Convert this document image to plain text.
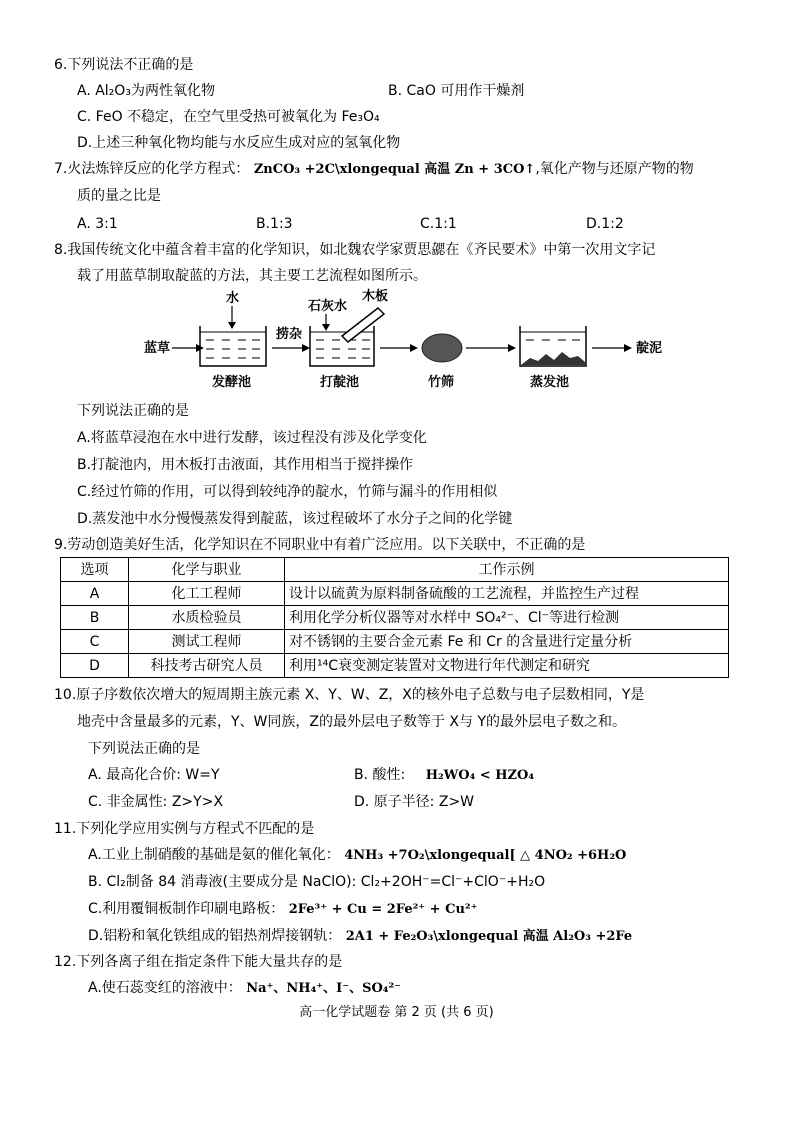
6.下列说法不正确的是
A. Al₂O₃为两性氧化物	B. CaO 可用作干燥剂
C. FeO 不稳定，在空气里受热可被氧化为 Fe₃O₄
D.上述三种氧化物均能与水反应生成对应的氢氧化物
7.火法炼锌反应的化学方程式： ZnCO₃ +2C\xlongequal 高温 Zn + 3CO↑,氧化产物与还原产物的物
质的量之比是
A. 3:1	B.1:3	C.1:1	D.1:2
8.我国传统文化中蕴含着丰富的化学知识，如北魏农学家贾思勰在《齐民要术》中第一次用文字记
载了用蓝草制取靛蓝的方法，其主要工艺流程如图所示。
蓝草
水
发酵池
捞杂
石灰水
木板
打靛池	竹筛	蒸发池
靛泥
下列说法正确的是
A.将蓝草浸泡在水中进行发酵，该过程没有涉及化学变化
B.打靛池内，用木板打击液面，其作用相当于搅拌操作
C.经过竹筛的作用，可以得到较纯净的靛水，竹筛与漏斗的作用相似
D.蒸发池中水分慢慢蒸发得到靛蓝，该过程破坏了水分子之间的化学键
9.劳动创造美好生活，化学知识在不同职业中有着广泛应用。以下关联中，不正确的是
选项	化学与职业	工作示例
A	化工工程师	设计以硫黄为原料制备硫酸的工艺流程，并监控生产过程
B	水质检验员	利用化学分析仪器等对水样中 SO₄²⁻、Cl⁻等进行检测
C	测试工程师	对不锈钢的主要合金元素 Fe 和 Cr 的含量进行定量分析
D	科技考古研究人员	利用¹⁴C衰变测定装置对文物进行年代测定和研究
10.原子序数依次增大的短周期主族元素 X、Y、W、Z，X的核外电子总数与电子层数相同，Y是
地壳中含量最多的元素，Y、W同族，Z的最外层电子数等于 X与 Y的最外层电子数之和。
下列说法正确的是
A. 最高化合价: W=Y	B. 酸性: H₂WO₄ < HZO₄
C. 非金属性: Z>Y>X	D. 原子半径: Z>W
11.下列化学应用实例与方程式不匹配的是
A.工业上制硝酸的基础是氨的催化氧化： 4NH₃ +7O₂\xlongequal[ △ 4NO₂ +6H₂O
B. Cl₂制备 84 消毒液(主要成分是 NaClO): Cl₂+2OH⁻=Cl⁻+ClO⁻+H₂O
C.利用覆铜板制作印刷电路板： 2Fe³⁺ + Cu = 2Fe²⁺ + Cu²⁺
D.铝粉和氧化铁组成的铝热剂焊接钢轨： 2A1 + Fe₂O₃\xlongequal 高温 Al₂O₃ +2Fe
12.下列各离子组在指定条件下能大量共存的是
A.使石蕊变红的溶液中： Na⁺、NH₄⁺、I⁻、SO₄²⁻
高一化学试题卷 第 2 页 (共 6 页)
